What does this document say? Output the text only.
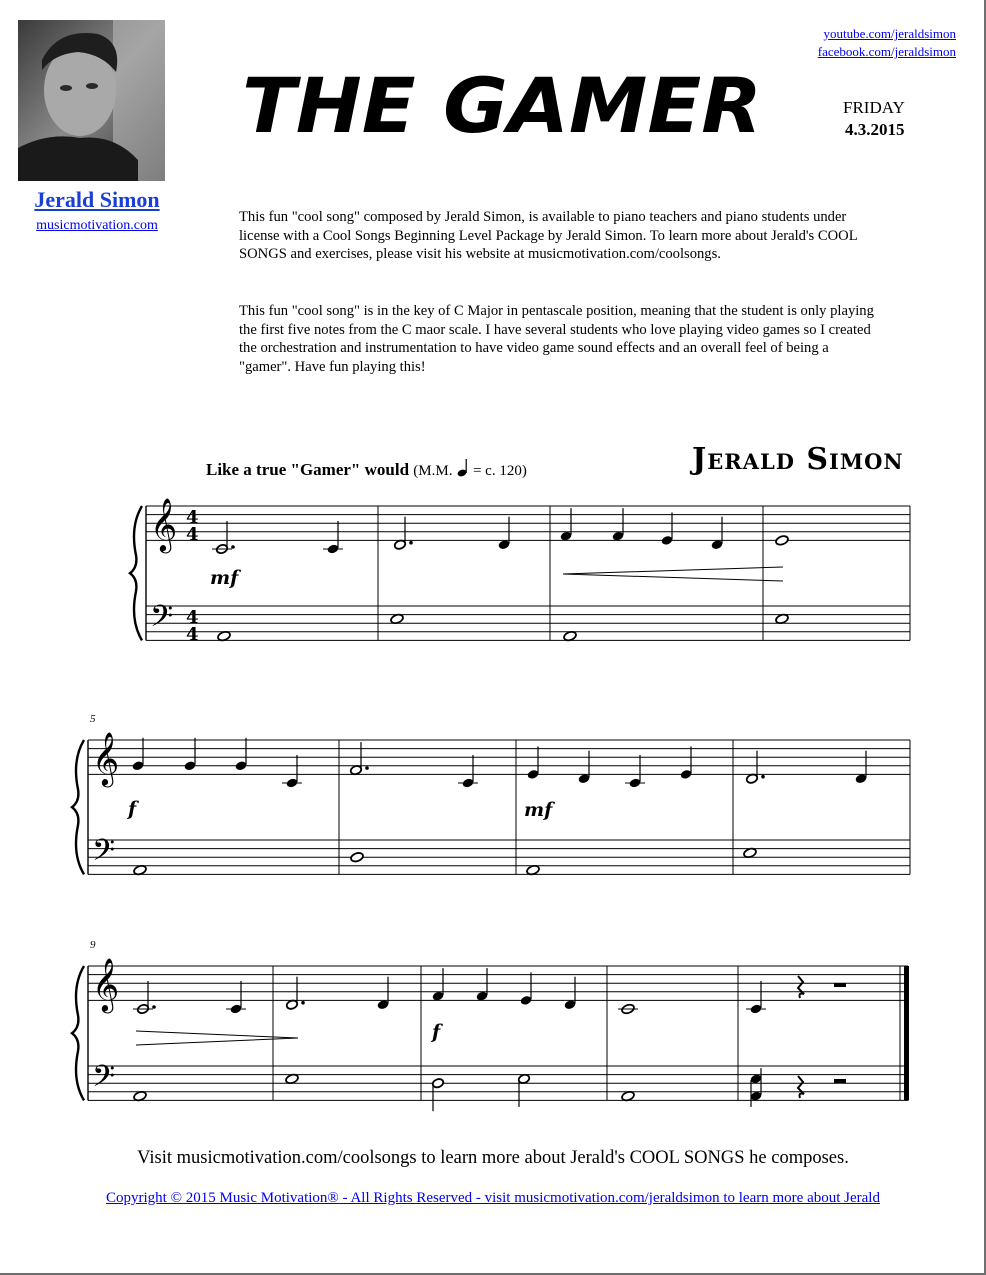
Jerald Simon
musicmotivation.com
THE GAMER
youtube.com/jeraldsimon
facebook.com/jeraldsimon
FRIDAY
4.3.2015
This fun "cool song" composed by Jerald Simon, is available to piano teachers and piano students under license with a Cool Songs Beginning Level Package by Jerald Simon. To learn more about Jerald's COOL SONGS and exercises, please visit his website at musicmotivation.com/coolsongs.
This fun "cool song" is in the key of C Major in pentascale position, meaning that the student is only playing the first five notes from the C maor scale. I have several students who love playing video games so I created the orchestration and instrumentation to have video game sound effects and an overall feel of being a "gamer". Have fun playing this!
Jerald Simon
Like a true "Gamer" would (M.M. = c. 120)
𝄞
𝄢
4
4
4
4
mf
𝄞
𝄢
5
f	mf
𝄞
𝄢
9
f
Visit musicmotivation.com/coolsongs to learn more about Jerald's COOL SONGS he composes.
Copyright © 2015 Music Motivation® - All Rights Reserved - visit musicmotivation.com/jeraldsimon to learn more about Jerald
